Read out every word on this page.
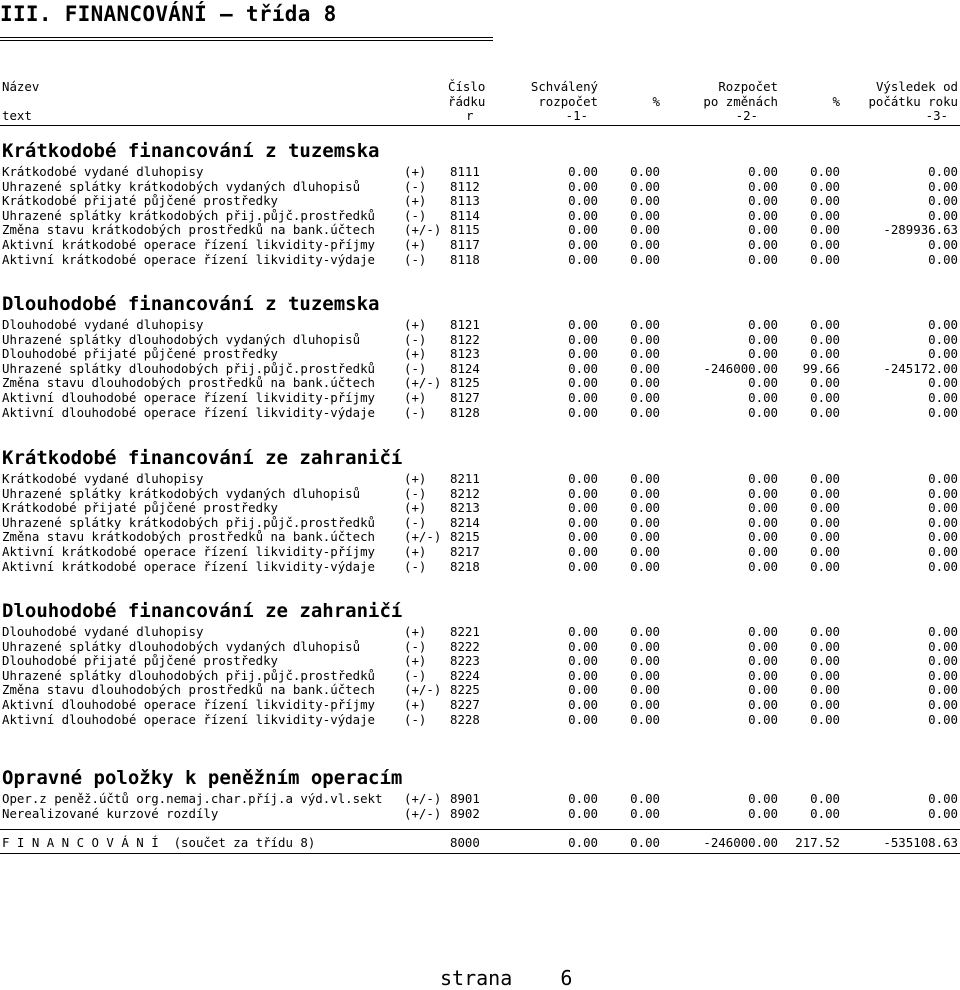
III. FINANCOVÁNÍ – třída 8
Název	Číslo	Schválený	Rozpočet	Výsledek od
řádku	rozpočet	%	po změnách	% počátku roku
text	r	-1-	-2-	-3-
Krátkodobé financování z tuzemska
Krátkodobé vydané dluhopisy	(+) 8111	0.00	0.00	0.00	0.00	0.00
Uhrazené splátky krátkodobých vydaných dluhopisů	(-) 8112	0.00	0.00	0.00	0.00	0.00
Krátkodobé přijaté půjčené prostředky	(+) 8113	0.00	0.00	0.00	0.00	0.00
Uhrazené splátky krátkodobých přij.půjč.prostředků (-) 8114	0.00	0.00	0.00	0.00	0.00
Změna stavu krátkodobých prostředků na bank.účtech (+/-) 8115	0.00	0.00	0.00	0.00	-289936.63
Aktivní krátkodobé operace řízení likvidity-příjmy (+) 8117	0.00	0.00	0.00	0.00	0.00
Aktivní krátkodobé operace řízení likvidity-výdaje (-) 8118	0.00	0.00	0.00	0.00	0.00
Dlouhodobé financování z tuzemska
Dlouhodobé vydané dluhopisy	(+) 8121	0.00	0.00	0.00	0.00	0.00
Uhrazené splátky dlouhodobých vydaných dluhopisů	(-) 8122	0.00	0.00	0.00	0.00	0.00
Dlouhodobé přijaté půjčené prostředky	(+) 8123	0.00	0.00	0.00	0.00	0.00
Uhrazené splátky dlouhodobých přij.půjč.prostředků (-) 8124	0.00	0.00	-246000.00 99.66	-245172.00
Změna stavu dlouhodobých prostředků na bank.účtech (+/-) 8125	0.00	0.00	0.00	0.00	0.00
Aktivní dlouhodobé operace řízení likvidity-příjmy (+) 8127	0.00	0.00	0.00	0.00	0.00
Aktivní dlouhodobé operace řízení likvidity-výdaje (-) 8128	0.00	0.00	0.00	0.00	0.00
Krátkodobé financování ze zahraničí
Krátkodobé vydané dluhopisy	(+) 8211	0.00	0.00	0.00	0.00	0.00
Uhrazené splátky krátkodobých vydaných dluhopisů	(-) 8212	0.00	0.00	0.00	0.00	0.00
Krátkodobé přijaté půjčené prostředky	(+) 8213	0.00	0.00	0.00	0.00	0.00
Uhrazené splátky krátkodobých přij.půjč.prostředků (-) 8214	0.00	0.00	0.00	0.00	0.00
Změna stavu krátkodobých prostředků na bank.účtech (+/-) 8215	0.00	0.00	0.00	0.00	0.00
Aktivní krátkodobé operace řízení likvidity-příjmy (+) 8217	0.00	0.00	0.00	0.00	0.00
Aktivní krátkodobé operace řízení likvidity-výdaje (-) 8218	0.00	0.00	0.00	0.00	0.00
Dlouhodobé financování ze zahraničí
Dlouhodobé vydané dluhopisy	(+) 8221	0.00	0.00	0.00	0.00	0.00
Uhrazené splátky dlouhodobých vydaných dluhopisů	(-) 8222	0.00	0.00	0.00	0.00	0.00
Dlouhodobé přijaté půjčené prostředky	(+) 8223	0.00	0.00	0.00	0.00	0.00
Uhrazené splátky dlouhodobých přij.půjč.prostředků (-) 8224	0.00	0.00	0.00	0.00	0.00
Změna stavu dlouhodobých prostředků na bank.účtech (+/-) 8225	0.00	0.00	0.00	0.00	0.00
Aktivní dlouhodobé operace řízení likvidity-příjmy (+) 8227	0.00	0.00	0.00	0.00	0.00
Aktivní dlouhodobé operace řízení likvidity-výdaje (-) 8228	0.00	0.00	0.00	0.00	0.00
Opravné položky k peněžním operacím
Oper.z peněž.účtů org.nemaj.char.příj.a výd.vl.sekt (+/-) 8901	0.00	0.00	0.00	0.00	0.00
Nerealizované kurzové rozdíly	(+/-) 8902	0.00	0.00	0.00	0.00	0.00
F I N A N C O V Á N Í  (součet za třídu 8)	8000	0.00	0.00	-246000.00 217.52	-535108.63
strana    6
